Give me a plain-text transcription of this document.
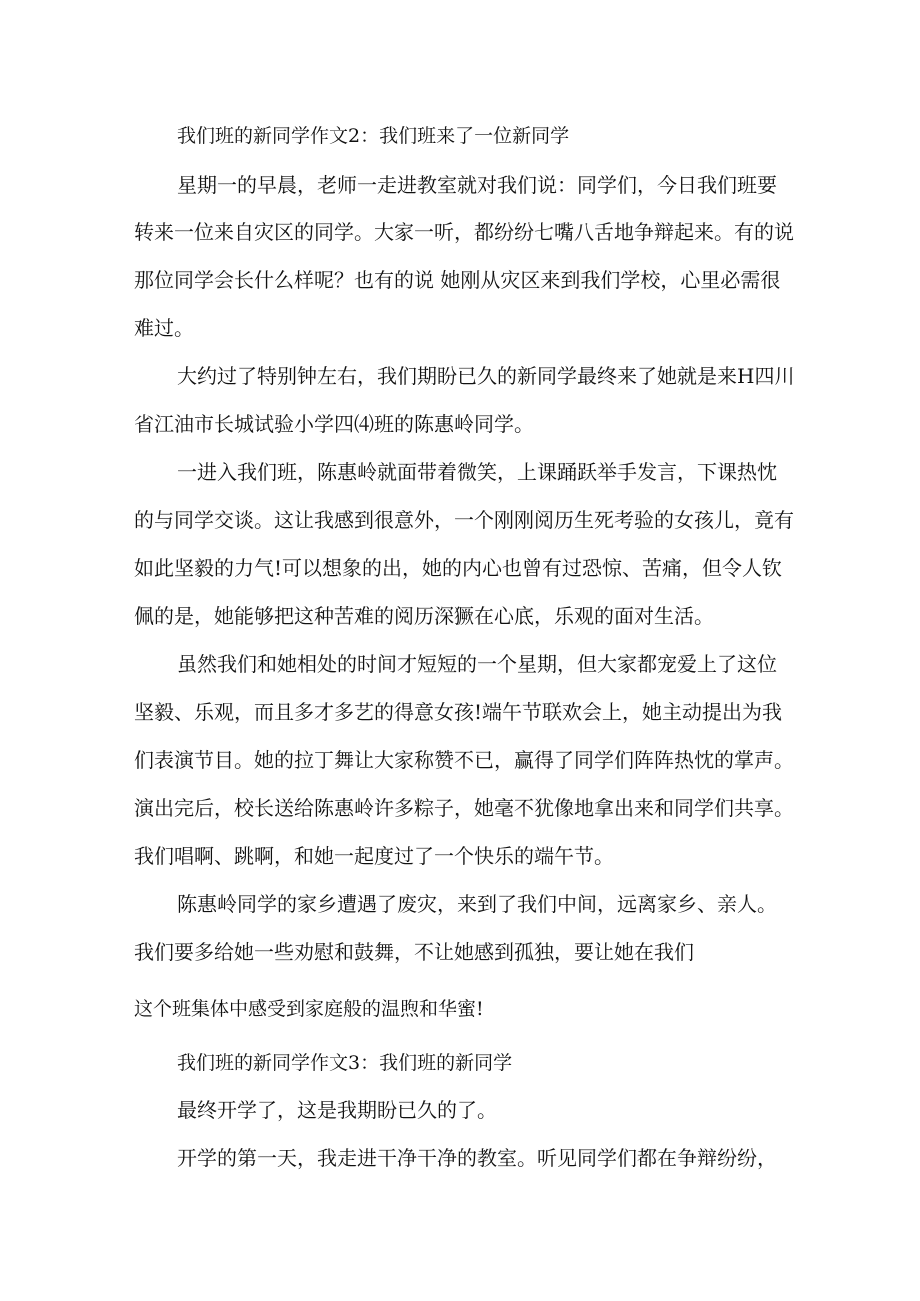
我们班的新同学作文2：我们班来了一位新同学
星期一的早晨，老师一走进教室就对我们说：同学们，今日我们班要
转来一位来自灾区的同学。大家一听，都纷纷七嘴八舌地争辩起来。有的说
那位同学会长什么样呢？也有的说 她刚从灾区来到我们学校，心里必需很
难过。
大约过了特别钟左右，我们期盼已久的新同学最终来了她就是来H四川
省江油市长城试验小学四⑷班的陈惠岭同学。
一进入我们班，陈惠岭就面带着微笑，上课踊跃举手发言，下课热忱
的与同学交谈。这让我感到很意外，一个刚刚阅历生死考验的女孩儿，竟有
如此坚毅的力气!可以想象的出，她的内心也曾有过恐惊、苦痛，但令人钦
佩的是，她能够把这种苦难的阅历深獗在心底，乐观的面对生活。
虽然我们和她相处的时间才短短的一个星期，但大家都宠爱上了这位
坚毅、乐观，而且多才多艺的得意女孩!端午节联欢会上，她主动提出为我
们表演节目。她的拉丁舞让大家称赞不已，赢得了同学们阵阵热忱的掌声。
演出完后，校长送给陈惠岭许多粽子，她毫不犹像地拿出来和同学们共享。
我们唱啊、跳啊，和她一起度过了一个快乐的端午节。
陈惠岭同学的家乡遭遇了废灾，来到了我们中间，远离家乡、亲人。
我们要多给她一些劝慰和鼓舞，不让她感到孤独，要让她在我们
这个班集体中感受到家庭般的温煦和华蜜!
我们班的新同学作文3：我们班的新同学
最终开学了，这是我期盼已久的了。
开学的第一天，我走进干净干净的教室。听见同学们都在争辩纷纷，
